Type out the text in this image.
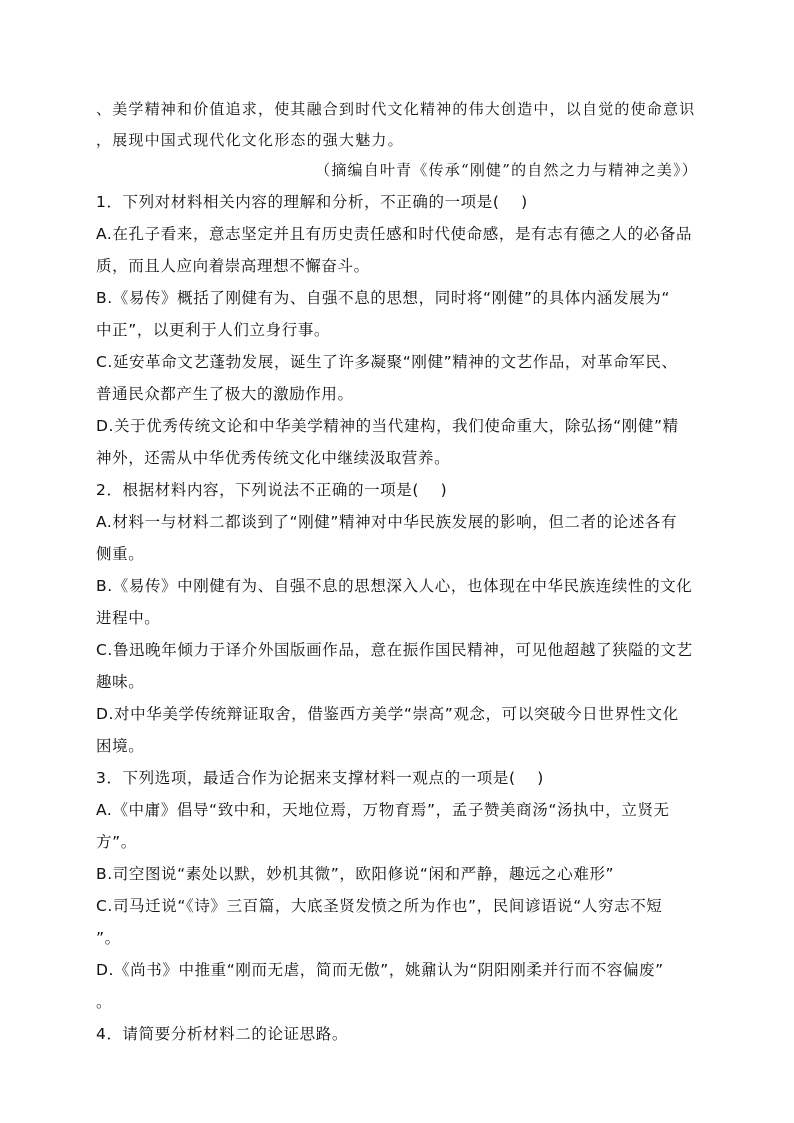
、美学精神和价值追求，使其融合到时代文化精神的伟大创造中，以自觉的使命意识
，展现中国式现代化文化形态的强大魅力。
（摘编自叶青《传承“刚健”的自然之力与精神之美》）
1．下列对材料相关内容的理解和分析，不正确的一项是(　 )
A.在孔子看来，意志坚定并且有历史责任感和时代使命感，是有志有德之人的必备品
质，而且人应向着崇高理想不懈奋斗。
B.《易传》概括了刚健有为、自强不息的思想，同时将“刚健”的具体内涵发展为“
中正”，以更利于人们立身行事。
C.延安革命文艺蓬勃发展，诞生了许多凝聚“刚健”精神的文艺作品，对革命军民、
普通民众都产生了极大的激励作用。
D.关于优秀传统文论和中华美学精神的当代建构，我们使命重大，除弘扬“刚健”精
神外，还需从中华优秀传统文化中继续汲取营养。
2．根据材料内容，下列说法不正确的一项是(　 )
A.材料一与材料二都谈到了“刚健”精神对中华民族发展的影响，但二者的论述各有
侧重。
B.《易传》中刚健有为、自强不息的思想深入人心，也体现在中华民族连续性的文化
进程中。
C.鲁迅晚年倾力于译介外国版画作品，意在振作国民精神，可见他超越了狭隘的文艺
趣味。
D.对中华美学传统辩证取舍，借鉴西方美学“崇高”观念，可以突破今日世界性文化
困境。
3．下列选项，最适合作为论据来支撑材料一观点的一项是(　 )
A.《中庸》倡导“致中和，天地位焉，万物育焉”，孟子赞美商汤“汤执中，立贤无
方”。
B.司空图说“素处以默，妙机其微”，欧阳修说“闲和严静，趣远之心难形”
C.司马迁说“《诗》三百篇，大底圣贤发愤之所为作也”，民间谚语说“人穷志不短
”。
D.《尚书》中推重“刚而无虐，简而无傲”，姚鼐认为“阴阳刚柔并行而不容偏废”
。
4．请简要分析材料二的论证思路。
